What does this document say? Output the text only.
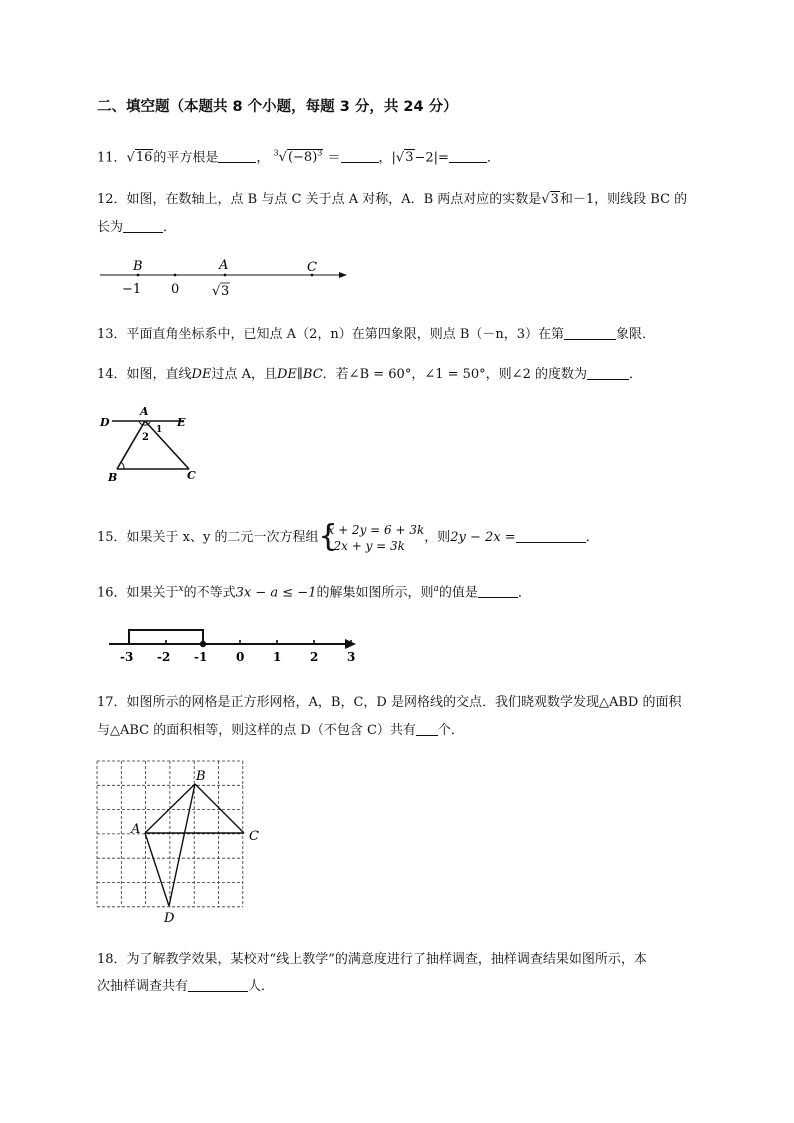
二、填空题（本题共 8 个小题，每题 3 分，共 24 分）
11．√16的平方根是	， $^3√(-8)^3$ ＝	，|√3−2|=	．
12．如图，在数轴上，点 B 与点 C 关于点 A 对称，A．B 两点对应的实数是√3和－1，则线段 BC 的
长为	．
B	A	C
−1 0	√ 3
13．平面直角坐标系中，已知点 A（2，n）在第四象限，则点 B（－n，3）在第	象限．
14．如图，直线DE过点 A，且DE∥BC．若∠B = 60°，∠1 = 50°，则∠2 的度数为	．
D
A
E
1
2
B	C
15．如果关于 x、y 的二元一次方程组 {
x + 2y = 6 + 3k
2x + y = 3k
，则2y − 2x =	．
16．如果关于$^x$的不等式3x − a ≤ −1的解集如图所示，则$^a$的值是	．
-3 -2 -1 0 1 2 3
17．如图所示的网格是正方形网格，A，B，C，D 是网格线的交点．我们晓观数学发现△ABD 的面积
与△ABC 的面积相等，则这样的点 D（不包含 C）共有 个．
A
B
C
D
18．为了解教学效果，某校对“线上教学”的满意度进行了抽样调查，抽样调查结果如图所示，本
次抽样调查共有	人．
